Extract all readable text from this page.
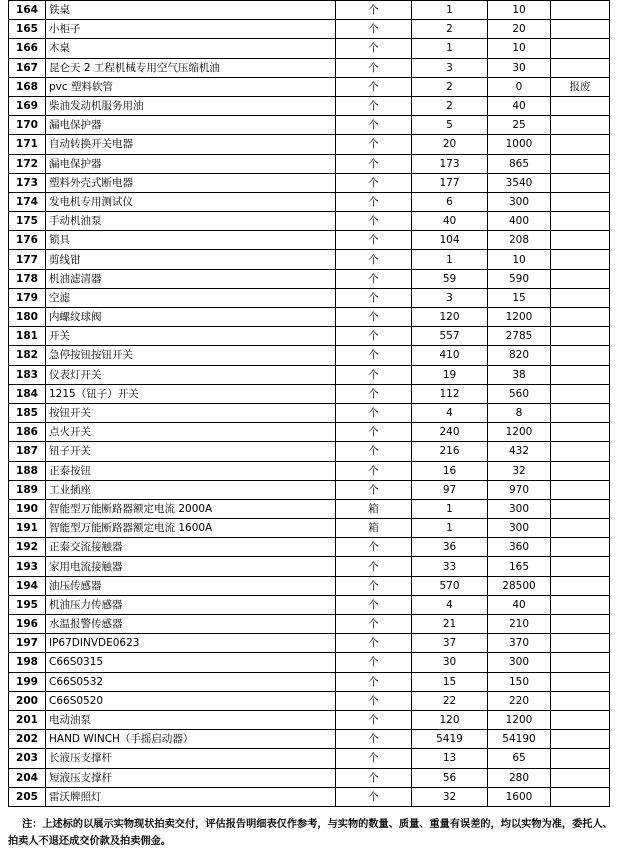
164	铁桌	个	1	10	
165	小柜子	个	2	20	
166	木桌	个	1	10	
167	昆仑天 2 工程机械专用空气压缩机油	个	3	30	
168	pvc 塑料软管	个	2	0	报废
169	柴油发动机服务用油	个	2	40	
170	漏电保护器	个	5	25	
171	自动转换开关电器	个	20	1000	
172	漏电保护器	个	173	865	
173	塑料外壳式断电器	个	177	3540	
174	发电机专用测试仪	个	6	300	
175	手动机油泵	个	40	400	
176	锁具	个	104	208	
177	剪线钳	个	1	10	
178	机油滤清器	个	59	590	
179	空滤	个	3	15	
180	内螺纹球阀	个	120	1200	
181	开关	个	557	2785	
182	急停按钮按钮开关	个	410	820	
183	仪表灯开关	个	19	38	
184	1215（钮子）开关	个	112	560	
185	按钮开关	个	4	8	
186	点火开关	个	240	1200	
187	钮子开关	个	216	432	
188	正泰按钮	个	16	32	
189	工业插座	个	97	970	
190	智能型万能断路器额定电流 2000A	箱	1	300	
191	智能型万能断路器额定电流 1600A	箱	1	300	
192	正泰交流接触器	个	36	360	
193	家用电流接触器	个	33	165	
194	油压传感器	个	570	28500	
195	机油压力传感器	个	4	40	
196	水温报警传感器	个	21	210	
197	IP67DINVDE0623	个	37	370	
198	C66S0315	个	30	300	
199	C66S0532	个	15	150	
200	C66S0520	个	22	220	
201	电动油泵	个	120	1200	
202	HAND WINCH（手摇启动器）	个	5419	54190	
203	长液压支撑杆	个	13	65	
204	短液压支撑杆	个	56	280	
205	雷沃牌照灯	个	32	1600	
注：上述标的以展示实物现状拍卖交付，评估报告明细表仅作参考，与实物的数量、质量、重量有误差的，均以实物为准，委托人、拍卖人不退还成交价款及拍卖佣金。
